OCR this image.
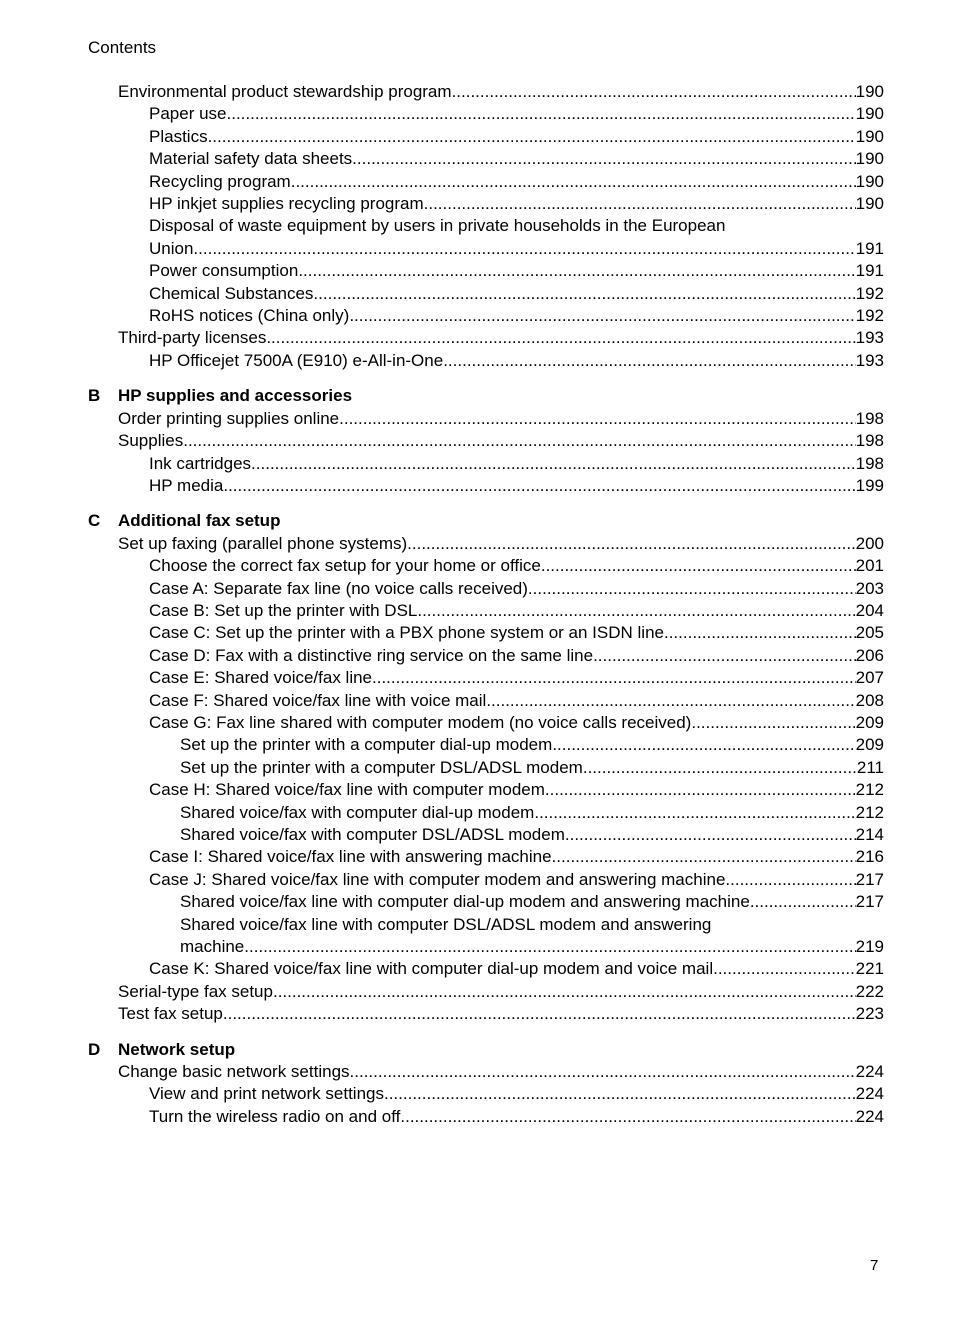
Contents
Environmental product stewardship program .....	190
Paper use .....	190
Plastics .....	190
Material safety data sheets .....	190
Recycling program .....	190
HP inkjet supplies recycling program .....	190
Disposal of waste equipment by users in private households in the European
Union .....	191
Power consumption .....	191
Chemical Substances .....	192
RoHS notices (China only) .....	192
Third-party licenses .....	193
HP Officejet 7500A (E910) e-All-in-One .....	193
B	HP supplies and accessories
Order printing supplies online .....	198
Supplies .....	198
Ink cartridges .....	198
HP media .....	199
C	Additional fax setup
Set up faxing (parallel phone systems) .....	200
Choose the correct fax setup for your home or office .....	201
Case A: Separate fax line (no voice calls received) .....	203
Case B: Set up the printer with DSL .....	204
Case C: Set up the printer with a PBX phone system or an ISDN line .....	205
Case D: Fax with a distinctive ring service on the same line .....	206
Case E: Shared voice/fax line .....	207
Case F: Shared voice/fax line with voice mail .....	208
Case G: Fax line shared with computer modem (no voice calls received) .....	209
Set up the printer with a computer dial-up modem .....	209
Set up the printer with a computer DSL/ADSL modem .....	211
Case H: Shared voice/fax line with computer modem .....	212
Shared voice/fax with computer dial-up modem .....	212
Shared voice/fax with computer DSL/ADSL modem .....	214
Case I: Shared voice/fax line with answering machine .....	216
Case J: Shared voice/fax line with computer modem and answering machine .....	217
Shared voice/fax line with computer dial-up modem and answering machine .....	217
Shared voice/fax line with computer DSL/ADSL modem and answering
machine .....	219
Case K: Shared voice/fax line with computer dial-up modem and voice mail .....	221
Serial-type fax setup .....	222
Test fax setup .....	223
D	Network setup
Change basic network settings .....	224
View and print network settings .....	224
Turn the wireless radio on and off .....	224
7
